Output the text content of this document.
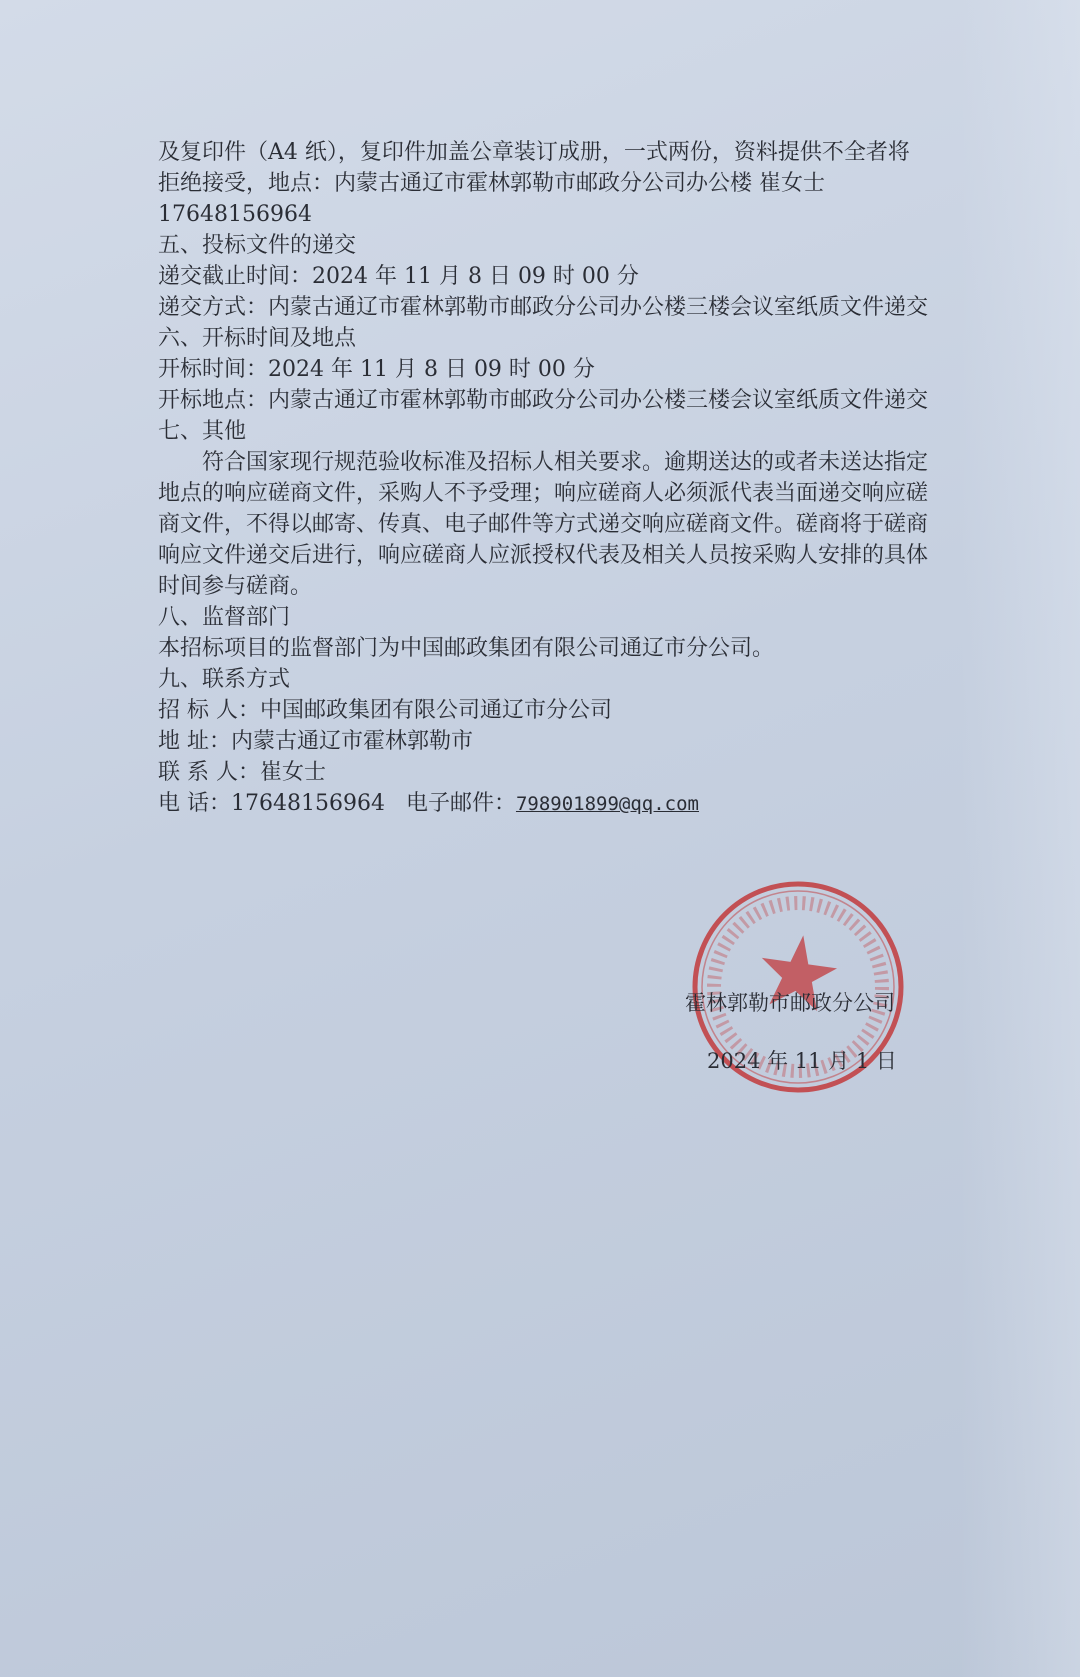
及复印件（A4 纸），复印件加盖公章装订成册，一式两份，资料提供不全者将
拒绝接受，地点：内蒙古通辽市霍林郭勒市邮政分公司办公楼 崔女士
17648156964
五、投标文件的递交
递交截止时间：2024 年 11 月 8 日 09 时 00 分
递交方式：内蒙古通辽市霍林郭勒市邮政分公司办公楼三楼会议室纸质文件递交
六、开标时间及地点
开标时间：2024 年 11 月 8 日 09 时 00 分
开标地点：内蒙古通辽市霍林郭勒市邮政分公司办公楼三楼会议室纸质文件递交
七、其他
符合国家现行规范验收标准及招标人相关要求。逾期送达的或者未送达指定地点的响应磋商文件，采购人不予受理；响应磋商人必须派代表当面递交响应磋商文件，不得以邮寄、传真、电子邮件等方式递交响应磋商文件。磋商将于磋商响应文件递交后进行，响应磋商人应派授权代表及相关人员按采购人安排的具体时间参与磋商。
八、监督部门
本招标项目的监督部门为中国邮政集团有限公司通辽市分公司。
九、联系方式
招 标 人：中国邮政集团有限公司通辽市分公司
地 址：内蒙古通辽市霍林郭勒市
联 系 人：崔女士
电 话：17648156964 电子邮件：798901899@qq.com
霍林郭勒市邮政分公司
2024 年 11 月 1 日
